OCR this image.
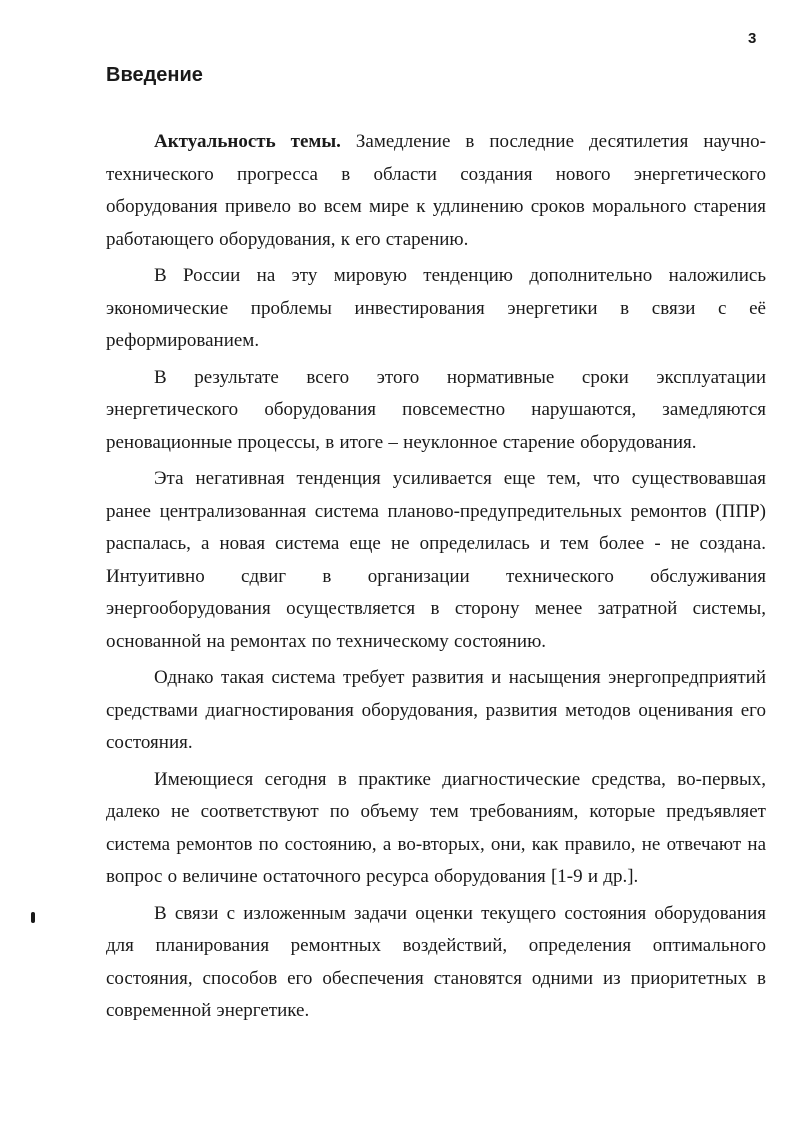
3
Введение

Актуальность темы. Замедление в последние десятилетия научно-технического прогресса в области создания нового энергетического оборудования привело во всем мире к удлинению сроков морального старения работающего оборудования, к его старению.

В России на эту мировую тенденцию дополнительно наложились экономические проблемы инвестирования энергетики в связи с её реформированием.

В результате всего этого нормативные сроки эксплуатации энергетического оборудования повсеместно нарушаются, замедляются реновационные процессы, в итоге – неуклонное старение оборудования.

Эта негативная тенденция усиливается еще тем, что существовавшая ранее централизованная система планово-предупредительных ремонтов (ППР) распалась, а новая система еще не определилась и тем более - не создана. Интуитивно сдвиг в организации технического обслуживания энергооборудования осуществляется в сторону менее затратной системы, основанной на ремонтах по техническому состоянию.

Однако такая система требует развития и насыщения энергопредприятий средствами диагностирования оборудования, развития методов оценивания его состояния.

Имеющиеся сегодня в практике диагностические средства, во-первых, далеко не соответствуют по объему тем требованиям, которые предъявляет система ремонтов по состоянию, а во-вторых, они, как правило, не отвечают на вопрос о величине остаточного ресурса оборудования [1-9 и др.].

В связи с изложенным задачи оценки текущего состояния оборудования для планирования ремонтных воздействий, определения оптимального состояния, способов его обеспечения становятся одними из приоритетных в современной энергетике.
